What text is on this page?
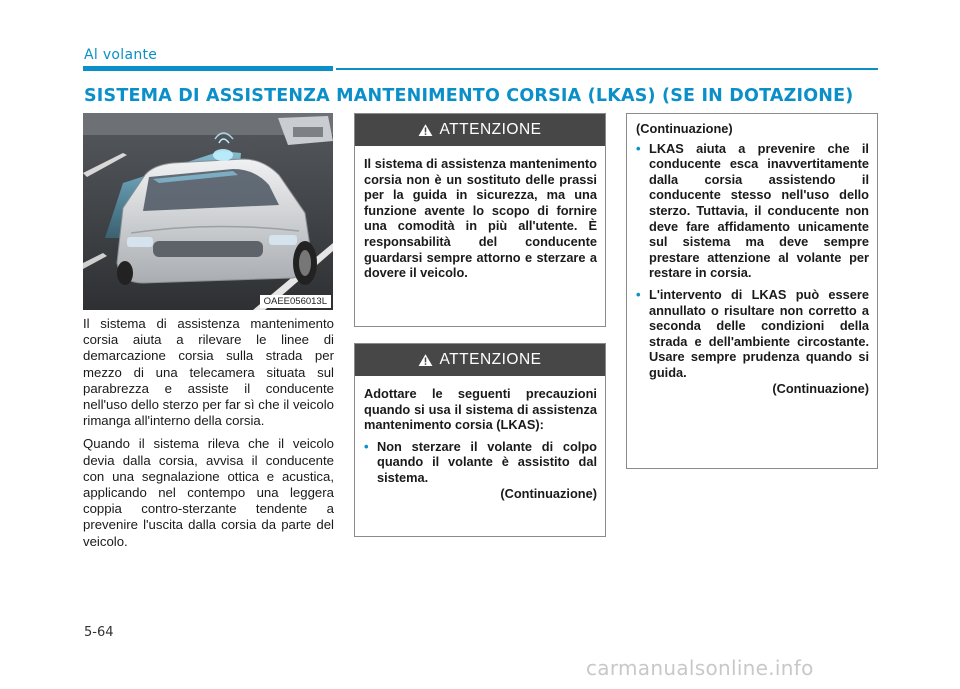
Al volante
SISTEMA DI ASSISTENZA MANTENIMENTO CORSIA (LKAS) (SE IN DOTAZIONE)
OAEE056013L

Il sistema di assistenza mantenimento corsia aiuta a rilevare le linee di demarcazione corsia sulla strada per mezzo di una telecamera situata sul parabrezza e assiste il conducente nell'uso dello sterzo per far sì che il veicolo rimanga all'interno della corsia.

Quando il sistema rileva che il veicolo devia dalla corsia, avvisa il conducente con una segnalazione ottica e acustica, applicando nel contempo una leggera coppia contro-sterzante tendente a prevenire l'uscita dalla corsia da parte del veicolo.

ATTENZIONE

Il sistema di assistenza mantenimento corsia non è un sostituto delle prassi per la guida in sicurezza, ma una funzione avente lo scopo di fornire una comodità in più all'utente. È responsabilità del conducente guardarsi sempre attorno e sterzare a dovere il veicolo.

ATTENZIONE

Adottare le seguenti precauzioni quando si usa il sistema di assistenza mantenimento corsia (LKAS):

• Non sterzare il volante di colpo quando il volante è assistito dal sistema.

(Continuazione)

(Continuazione)

• LKAS aiuta a prevenire che il conducente esca inavvertitamente dalla corsia assistendo il conducente stesso nell'uso dello sterzo. Tuttavia, il conducente non deve fare affidamento unicamente sul sistema ma deve sempre prestare attenzione al volante per restare in corsia.
• L'intervento di LKAS può essere annullato o risultare non corretto a seconda delle condizioni della strada e dell'ambiente circostante. Usare sempre prudenza quando si guida.

(Continuazione)

5-64
carmanualsonline.info
